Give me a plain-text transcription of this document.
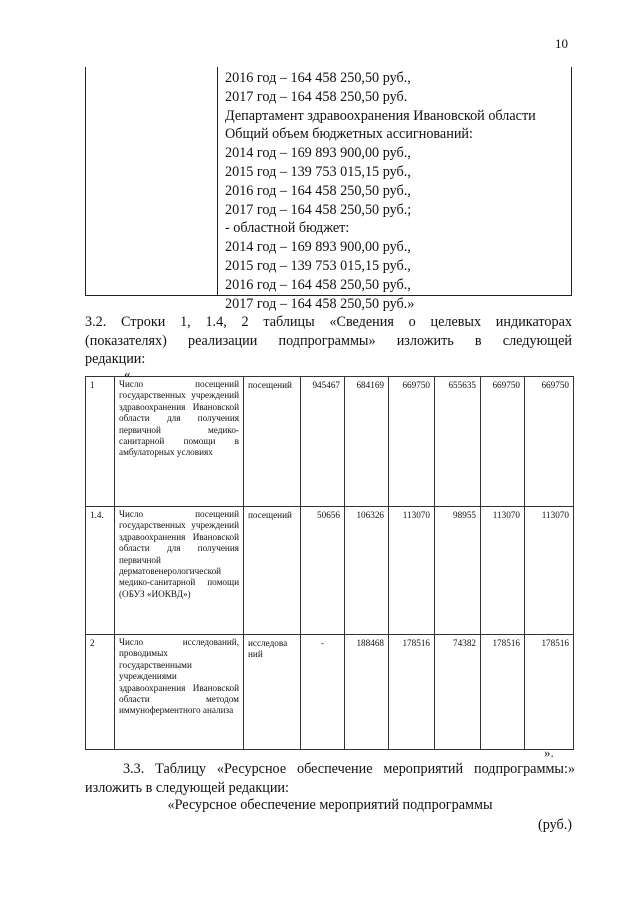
10
2016 год – 164 458 250,50 руб.,
2017 год – 164 458 250,50 руб.
Департамент здравоохранения Ивановской области
Общий объем бюджетных ассигнований:
2014 год – 169 893 900,00 руб.,
2015 год – 139 753 015,15 руб.,
2016 год – 164 458 250,50 руб.,
2017 год – 164 458 250,50 руб.;
- областной бюджет:
2014 год – 169 893 900,00 руб.,
2015 год – 139 753 015,15 руб.,
2016 год – 164 458 250,50 руб.,
2017 год – 164 458 250,50 руб.»
3.2. Строки 1, 1.4, 2 таблицы «Сведения о целевых индикаторах
(показателях) реализации подпрограммы» изложить в следующей
редакции:
«
1	Число посещений государственных учреждений здравоохранения Ивановской области для получения первичной медико-санитарной помощи в амбулаторных условиях	посещений	945467	684169	669750	655635	669750	669750
1.4.	Число посещений государственных учреждений здравоохранения Ивановской области для получения первичной дерматовенерологической медико-санитарной помощи (ОБУЗ «ИОКВД»)	посещений	50656	106326	113070	98955	113070	113070
2	Число исследований, проводимых государственными учреждениями здравоохранения Ивановской области методом иммуноферментного анализа	исследова ний	-	188468	178516	74382	178516	178516
».
3.3. Таблицу «Ресурсное обеспечение мероприятий подпрограммы:»
изложить в следующей редакции:
«Ресурсное обеспечение мероприятий подпрограммы
(руб.)
